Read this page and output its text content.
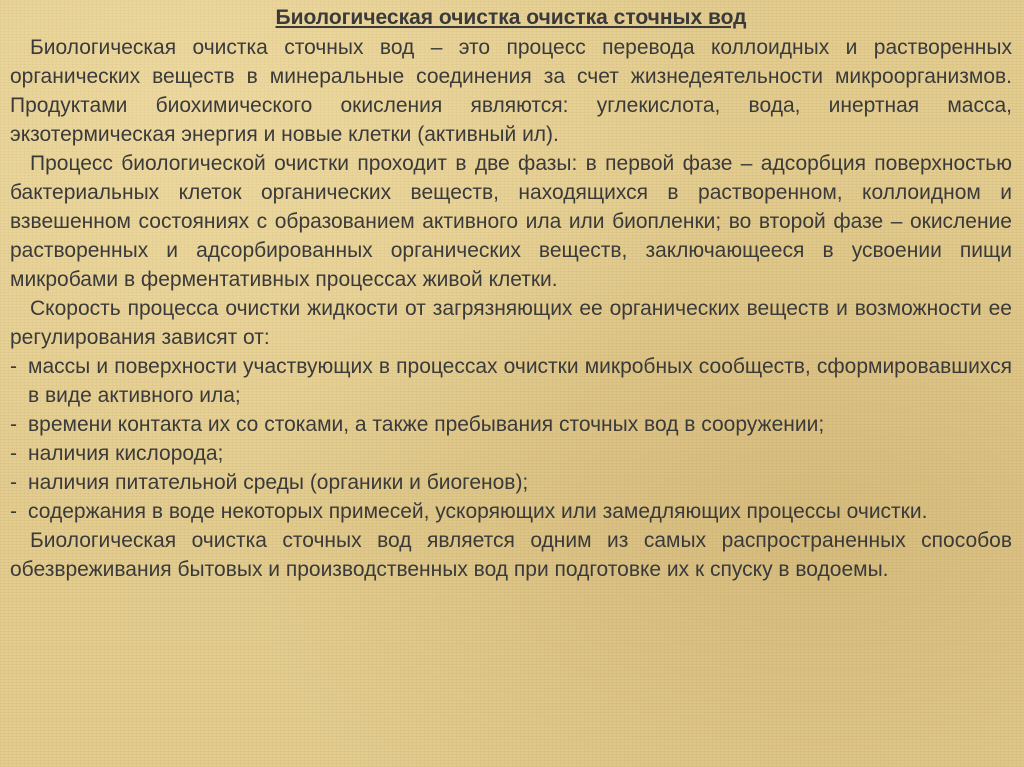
Биологическая очистка очистка сточных вод

Биологическая очистка сточных вод – это процесс перевода коллоидных и растворенных органических веществ в минеральные соединения за счет жизнедеятельности микроорганизмов. Продуктами биохимического окисления являются: углекислота, вода, инертная масса, экзотермическая энергия и новые клетки (активный ил).

Процесс биологической очистки проходит в две фазы: в первой фазе – адсорбция поверхностью бактериальных клеток органических веществ, находящихся в растворенном, коллоидном и взвешенном состояниях с образованием активного ила или биопленки; во второй фазе – окисление растворенных и адсорбированных органических веществ, заключающееся в усвоении пищи микробами в ферментативных процессах живой клетки.

Скорость процесса очистки жидкости от загрязняющих ее органических веществ и возможности ее регулирования зависят от:

- массы и поверхности участвующих в процессах очистки микробных сообществ, сформировавшихся в виде активного ила;
- времени контакта их со стоками, а также пребывания сточных вод в сооружении;
- наличия кислорода;
- наличия питательной среды (органики и биогенов);
- содержания в воде некоторых примесей, ускоряющих или замедляющих процессы очистки.

Биологическая очистка сточных вод является одним из самых распространенных способов обезвреживания бытовых и производственных вод при подготовке их к спуску в водоемы.
